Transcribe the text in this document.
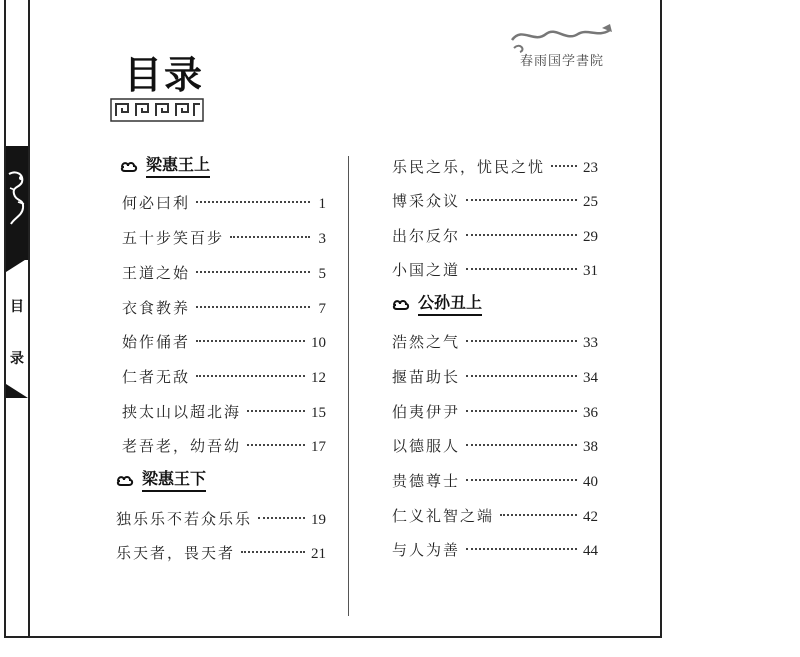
目
录
目录	春雨国学書院
梁惠王上
何必曰利	1
五十步笑百步	3
王道之始	5
衣食教养	7
始作俑者	10
仁者无敌	12
挟太山以超北海	15
老吾老，幼吾幼	17
梁惠王下
独乐乐不若众乐乐	19
乐天者，畏天者	21
乐民之乐，忧民之忧	23
博采众议	25
出尔反尔	29
小国之道	31
公孙丑上
浩然之气	33
揠苗助长	34
伯夷伊尹	36
以德服人	38
贵德尊士	40
仁义礼智之端	42
与人为善	44
